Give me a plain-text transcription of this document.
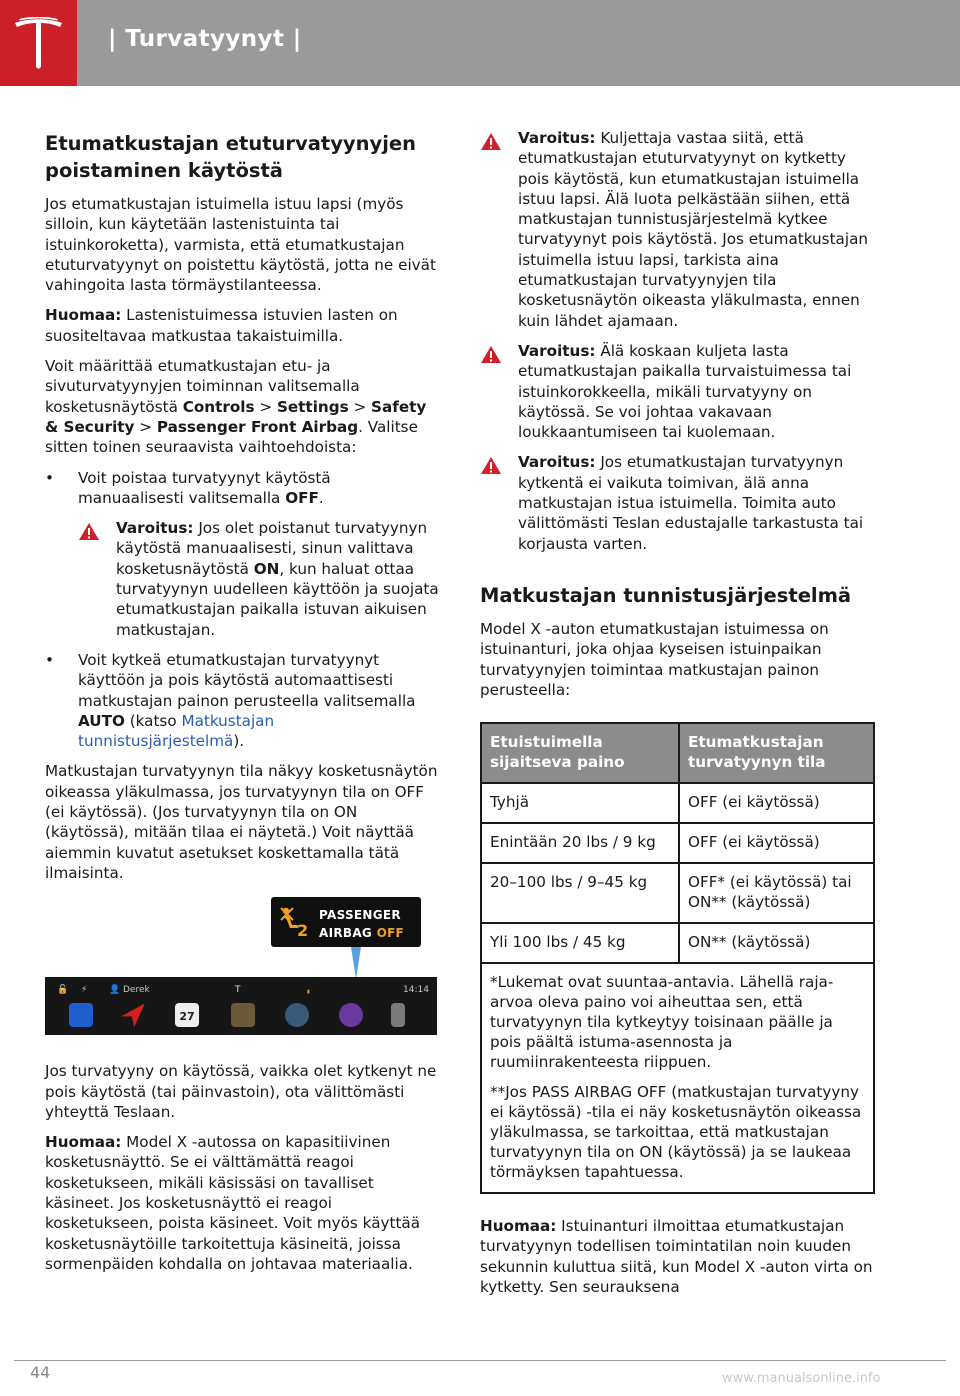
| Turvatyynyt |
Etumatkustajan etuturvatyynyjen poistaminen käytöstä

Jos etumatkustajan istuimella istuu lapsi (myös silloin, kun käytetään lastenistuinta tai istuinkoroketta), varmista, että etumatkustajan etuturvatyynyt on poistettu käytöstä, jotta ne eivät vahingoita lasta törmäystilanteessa.

Huomaa: Lastenistuimessa istuvien lasten on suositeltavaa matkustaa takaistuimilla.

Voit määrittää etumatkustajan etu- ja sivuturvatyynyjen toiminnan valitsemalla kosketusnäytöstä Controls > Settings > Safety & Security > Passenger Front Airbag. Valitse sitten toinen seuraavista vaihtoehdoista:

• Voit poistaa turvatyynyt käytöstä manuaalisesti valitsemalla OFF.
Varoitus: Jos olet poistanut turvatyynyn käytöstä manuaalisesti, sinun valittava kosketusnäytöstä ON, kun haluat ottaa turvatyynyn uudelleen käyttöön ja suojata etumatkustajan paikalla istuvan aikuisen matkustajan.
• Voit kytkeä etumatkustajan turvatyynyt käyttöön ja pois käytöstä automaattisesti matkustajan painon perusteella valitsemalla AUTO (katso Matkustajan tunnistusjärjestelmä).

Matkustajan turvatyynyn tila näkyy kosketusnäytön oikeassa yläkulmassa, jos turvatyynyn tila on OFF (ei käytössä). (Jos turvatyynyn tila on ON (käytössä), mitään tilaa ei näytetä.) Voit näyttää aiemmin kuvatut asetukset koskettamalla tätä ilmaisinta.

2
PASSENGER
AIRBAG OFF
🔓 ⚡ 👤 Derek	T	▮	14:14
27

Jos turvatyyny on käytössä, vaikka olet kytkenyt ne pois käytöstä (tai päinvastoin), ota välittömästi yhteyttä Teslaan.

Huomaa: Model X -autossa on kapasitiivinen kosketusnäyttö. Se ei välttämättä reagoi kosketukseen, mikäli käsissäsi on tavalliset käsineet. Jos kosketusnäyttö ei reagoi kosketukseen, poista käsineet. Voit myös käyttää kosketusnäytöille tarkoitettuja käsineitä, joissa sormenpäiden kohdalla on johtavaa materiaalia.

Varoitus: Kuljettaja vastaa siitä, että etumatkustajan etuturvatyynyt on kytketty pois käytöstä, kun etumatkustajan istuimella istuu lapsi. Älä luota pelkästään siihen, että matkustajan tunnistusjärjestelmä kytkee turvatyynyt pois käytöstä. Jos etumatkustajan istuimella istuu lapsi, tarkista aina etumatkustajan turvatyynyjen tila kosketusnäytön oikeasta yläkulmasta, ennen kuin lähdet ajamaan.
Varoitus: Älä koskaan kuljeta lasta etumatkustajan paikalla turvaistuimessa tai istuinkorokkeella, mikäli turvatyyny on käytössä. Se voi johtaa vakavaan loukkaantumiseen tai kuolemaan.
Varoitus: Jos etumatkustajan turvatyynyn kytkentä ei vaikuta toimivan, älä anna matkustajan istua istuimella. Toimita auto välittömästi Teslan edustajalle tarkastusta tai korjausta varten.
Matkustajan tunnistusjärjestelmä

Model X -auton etumatkustajan istuimessa on istuinanturi, joka ohjaa kyseisen istuinpaikan turvatyynyjen toimintaa matkustajan painon perusteella:

Etuistuimella sijaitseva paino	Etumatkustajan turvatyynyn tila
Tyhjä	OFF (ei käytössä)
Enintään 20 lbs / 9 kg	OFF (ei käytössä)
20–100 lbs / 9–45 kg	OFF* (ei käytössä) tai ON** (käytössä)
Yli 100 lbs / 45 kg	ON** (käytössä)

*Lukemat ovat suuntaa-antavia. Lähellä raja-arvoa oleva paino voi aiheuttaa sen, että turvatyynyn tila kytkeytyy toisinaan päälle ja pois päältä istuma-asennosta ja ruumiinrakenteesta riippuen.

**Jos PASS AIRBAG OFF (matkustajan turvatyyny ei käytössä) -tila ei näy kosketusnäytön oikeassa yläkulmassa, se tarkoittaa, että matkustajan turvatyynyn tila on ON (käytössä) ja se laukeaa törmäyksen tapahtuessa.	

Huomaa: Istuinanturi ilmoittaa etumatkustajan turvatyynyn todellisen toimintatilan noin kuuden sekunnin kuluttua siitä, kun Model X -auton virta on kytketty. Sen seurauksena

44	www.manualsonline.info
